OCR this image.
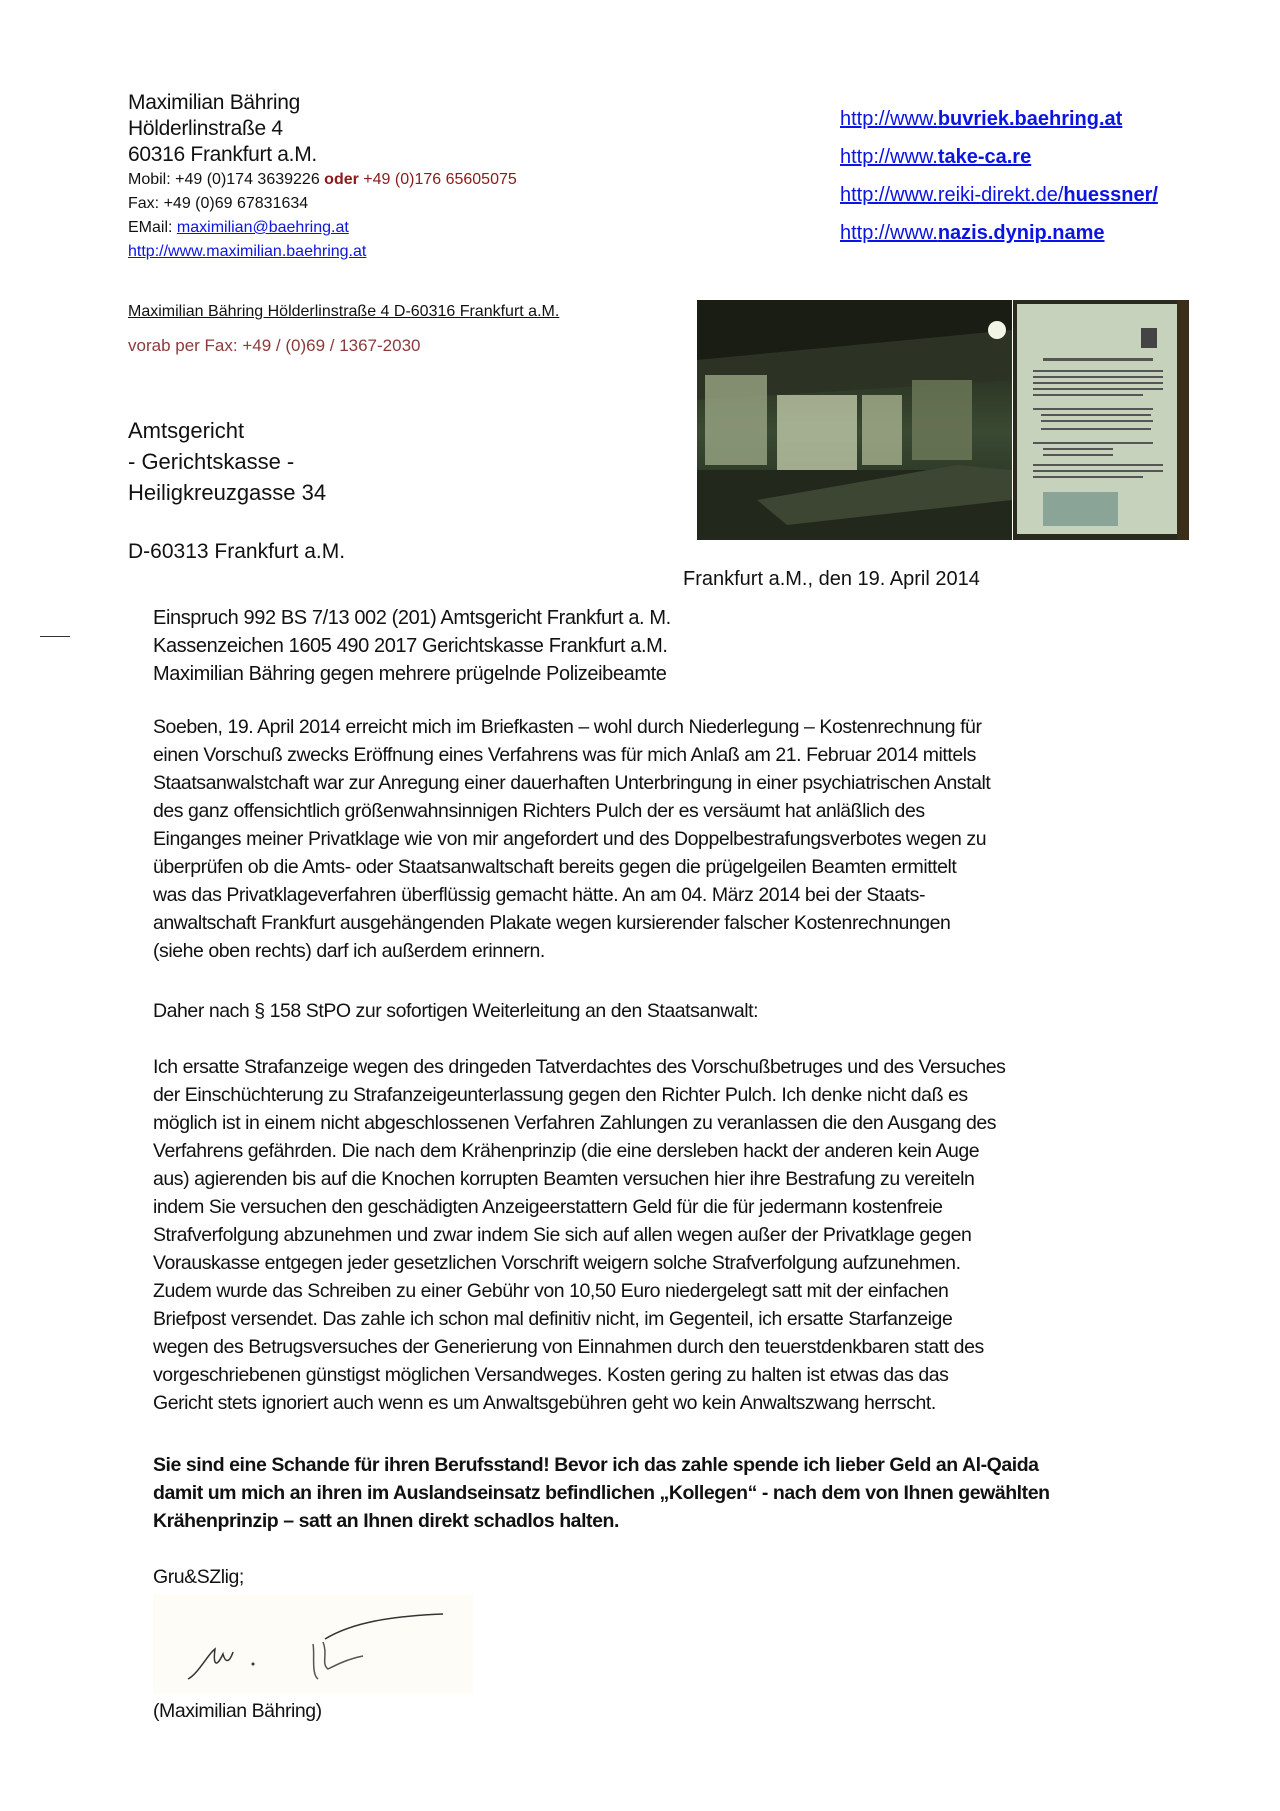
Maximilian Bähring
Hölderlinstraße 4
60316 Frankfurt a.M.
Mobil: +49 (0)174 3639226 oder +49 (0)176 65605075
Fax: +49 (0)69 67831634
EMail: maximilian@baehring.at
http://www.maximilian.baehring.at
http://www.buvriek.baehring.at
http://www.take-ca.re
http://www.reiki-direkt.de/huessner/
http://www.nazis.dynip.name
Maximilian Bähring Hölderlinstraße 4 D-60316 Frankfurt a.M.
vorab per Fax: +49 / (0)69 / 1367-2030
Amtsgericht
- Gerichtskasse -
Heiligkreuzgasse 34
D-60313 Frankfurt a.M.
Frankfurt a.M., den 19. April 2014
Einspruch 992 BS 7/13 002 (201) Amtsgericht Frankfurt a. M.
Kassenzeichen 1605 490 2017 Gerichtskasse Frankfurt a.M.
Maximilian Bähring gegen mehrere prügelnde Polizeibeamte

Soeben, 19. April 2014 erreicht mich im Briefkasten – wohl durch Niederlegung – Kostenrechnung für

einen Vorschuß zwecks Eröffnung eines Verfahrens was für mich Anlaß am 21. Februar 2014 mittels

Staatsanwalstchaft war zur Anregung einer dauerhaften Unterbringung in einer psychiatrischen Anstalt

des ganz offensichtlich größenwahnsinnigen Richters Pulch der es versäumt hat anläßlich des

Einganges meiner Privatklage wie von mir angefordert und des Doppelbestrafungsverbotes wegen zu

überprüfen ob die Amts- oder Staatsanwaltschaft bereits gegen die prügelgeilen Beamten ermittelt

was das Privatklageverfahren überflüssig gemacht hätte. An am 04. März 2014 bei der Staats-

anwaltschaft Frankfurt ausgehängenden Plakate wegen kursierender falscher Kostenrechnungen

(siehe oben rechts) darf ich außerdem erinnern.

Daher nach § 158 StPO zur sofortigen Weiterleitung an den Staatsanwalt:

Ich ersatte Strafanzeige wegen des dringeden Tatverdachtes des Vorschußbetruges und des Versuches

der Einschüchterung zu Strafanzeigeunterlassung gegen den Richter Pulch. Ich denke nicht daß es

möglich ist in einem nicht abgeschlossenen Verfahren Zahlungen zu veranlassen die den Ausgang des

Verfahrens gefährden. Die nach dem Krähenprinzip (die eine dersleben hackt der anderen kein Auge

aus) agierenden bis auf die Knochen korrupten Beamten versuchen hier ihre Bestrafung zu vereiteln

indem Sie versuchen den geschädigten Anzeigeerstattern Geld für die für jedermann kostenfreie

Strafverfolgung abzunehmen und zwar indem Sie sich auf allen wegen außer der Privatklage gegen

Vorauskasse entgegen jeder gesetzlichen Vorschrift weigern solche Strafverfolgung aufzunehmen.

Zudem wurde das Schreiben zu einer Gebühr von 10,50 Euro niedergelegt satt mit der einfachen

Briefpost versendet. Das zahle ich schon mal definitiv nicht, im Gegenteil, ich ersatte Starfanzeige

wegen des Betrugsversuches der Generierung von Einnahmen durch den teuerstdenkbaren statt des

vorgeschriebenen günstigst möglichen Versandweges. Kosten gering zu halten ist etwas das das

Gericht stets ignoriert auch wenn es um Anwaltsgebühren geht wo kein Anwaltszwang herrscht.

Sie sind eine Schande für ihren Berufsstand! Bevor ich das zahle spende ich lieber Geld an Al-Qaida

damit um mich an ihren im Auslandseinsatz befindlichen „Kollegen“ - nach dem von Ihnen gewählten

Krähenprinzip – satt an Ihnen direkt schadlos halten.

Gru&SZlig;
(Maximilian Bähring)
